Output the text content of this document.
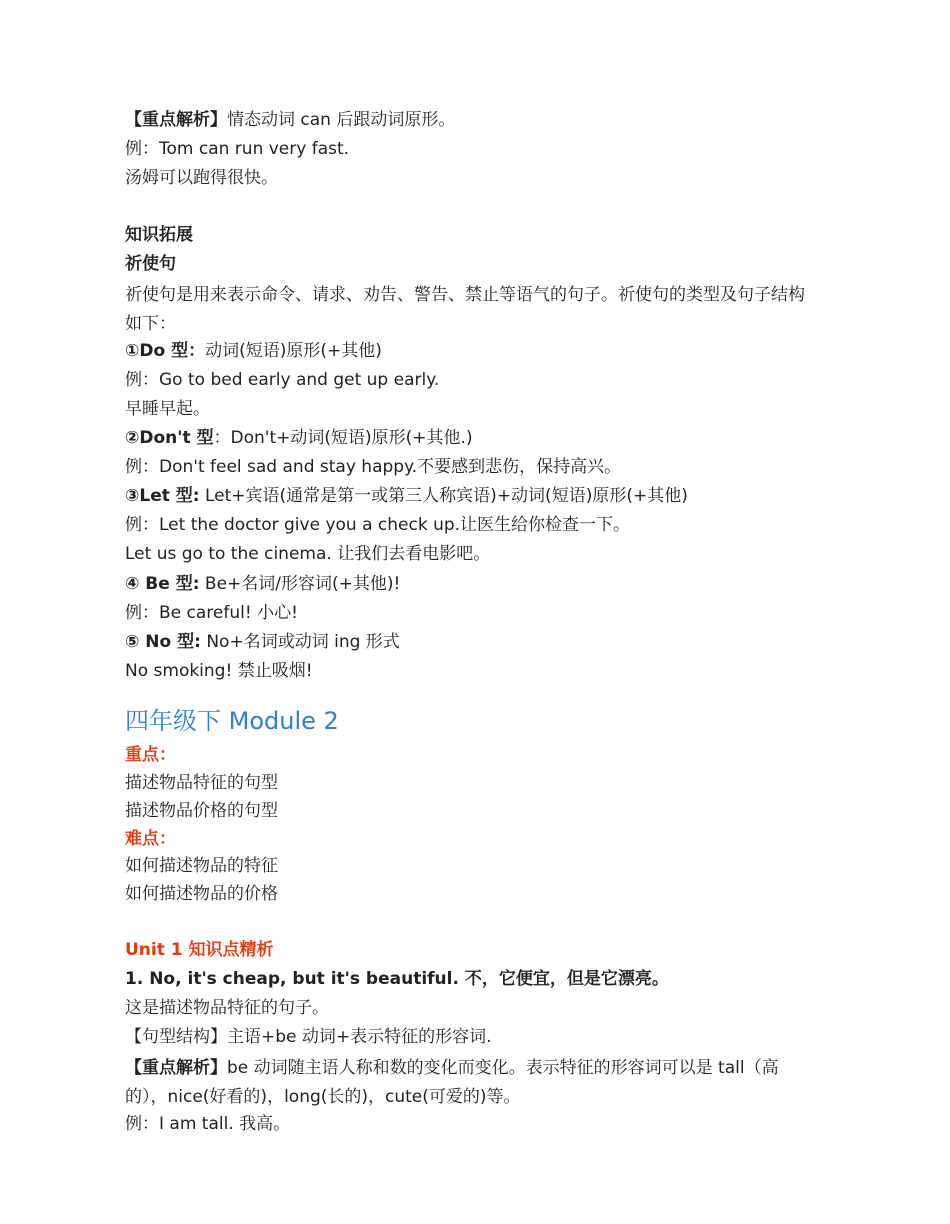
【重点解析】情态动词 can 后跟动词原形。
例：Tom can run very fast.
汤姆可以跑得很快。
知识拓展
祈使句
祈使句是用来表示命令、请求、劝告、警告、禁止等语气的句子。祈使句的类型及句子结构如下：
①Do 型：动词(短语)原形(+其他)
例：Go to bed early and get up early.
早睡早起。
②Don't 型：Don't+动词(短语)原形(+其他.)
例：Don't feel sad and stay happy.不要感到悲伤，保持高兴。
③Let 型: Let+宾语(通常是第一或第三人称宾语)+动词(短语)原形(+其他)
例：Let the doctor give you a check up.让医生给你检查一下。
Let us go to the cinema. 让我们去看电影吧。
④ Be 型: Be+名词/形容词(+其他)!
例：Be careful! 小心!
⑤ No 型: No+名词或动词 ing 形式
No smoking! 禁止吸烟!
四年级下 Module 2
重点：
描述物品特征的句型
描述物品价格的句型
难点：
如何描述物品的特征
如何描述物品的价格
Unit 1 知识点精析
1. No, it's cheap, but it's beautiful. 不，它便宜，但是它漂亮。
这是描述物品特征的句子。
【句型结构】主语+be 动词+表示特征的形容词.
【重点解析】be 动词随主语人称和数的变化而变化。表示特征的形容词可以是 tall（高的），nice(好看的)，long(长的)，cute(可爱的)等。
例：I am tall. 我高。
